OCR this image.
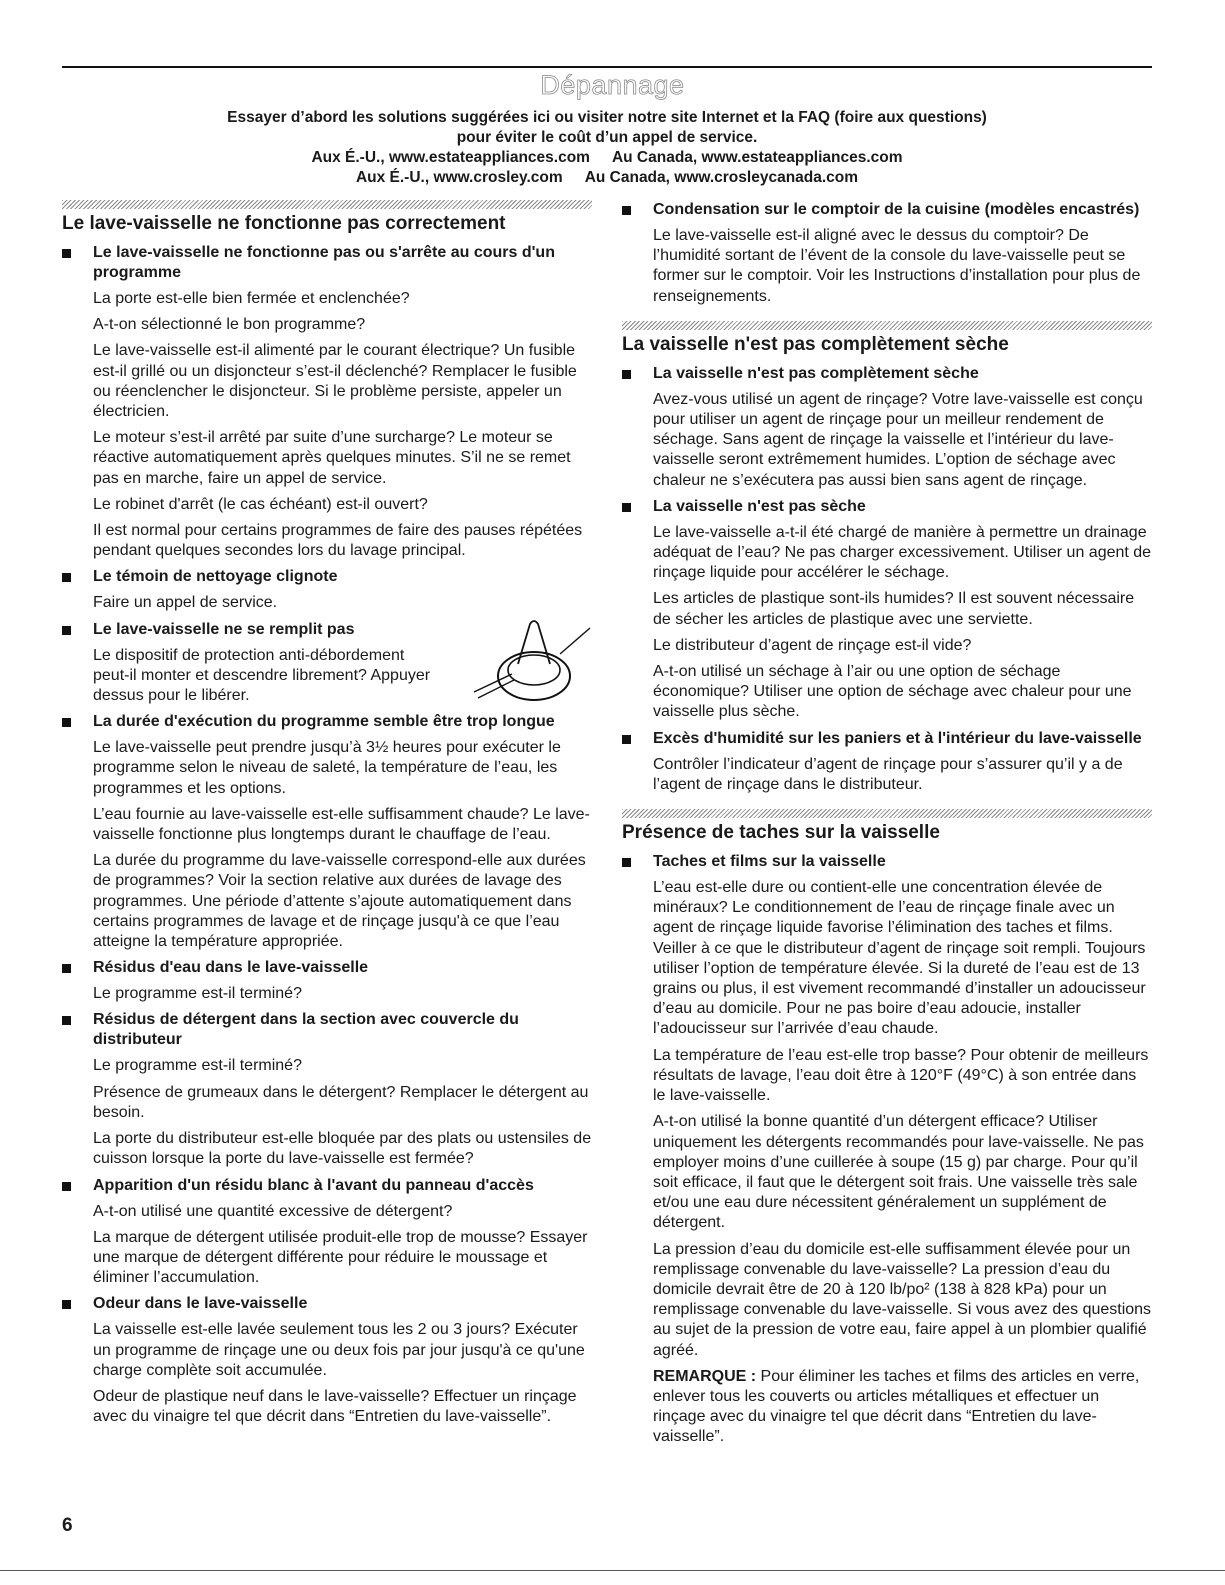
Dépannage
Essayer d’abord les solutions suggérées ici ou visiter notre site Internet et la FAQ (foire aux questions)
pour éviter le coût d’un appel de service.
Aux É.-U., www.estateappliances.com Au Canada, www.estateappliances.com
Aux É.-U., www.crosley.com Au Canada, www.crosleycanada.com
Le lave-vaisselle ne fonctionne pas correctement
Le lave-vaisselle ne fonctionne pas ou s'arrête au cours d'un programme

La porte est-elle bien fermée et enclenchée?

A-t-on sélectionné le bon programme?

Le lave-vaisselle est-il alimenté par le courant électrique? Un fusible est-il grillé ou un disjoncteur s’est-il déclenché? Remplacer le fusible ou réenclencher le disjoncteur. Si le problème persiste, appeler un électricien.

Le moteur s’est-il arrêté par suite d’une surcharge? Le moteur se réactive automatiquement après quelques minutes. S’il ne se remet pas en marche, faire un appel de service.

Le robinet d'arrêt (le cas échéant) est-il ouvert?

Il est normal pour certains programmes de faire des pauses répétées pendant quelques secondes lors du lavage principal.

Le témoin de nettoyage clignote

Faire un appel de service.

Le lave-vaisselle ne se remplit pas

Le dispositif de protection anti-débordement peut-il monter et descendre librement? Appuyer dessus pour le libérer.

La durée d'exécution du programme semble être trop longue

Le lave-vaisselle peut prendre jusqu’à 3½ heures pour exécuter le programme selon le niveau de saleté, la température de l’eau, les programmes et les options.

L’eau fournie au lave-vaisselle est-elle suffisamment chaude? Le lave-vaisselle fonctionne plus longtemps durant le chauffage de l’eau.

La durée du programme du lave-vaisselle correspond-elle aux durées de programmes? Voir la section relative aux durées de lavage des programmes. Une période d’attente s’ajoute automatiquement dans certains programmes de lavage et de rinçage jusqu'à ce que l’eau atteigne la température appropriée.

Résidus d'eau dans le lave-vaisselle

Le programme est-il terminé?

Résidus de détergent dans la section avec couvercle du distributeur

Le programme est-il terminé?

Présence de grumeaux dans le détergent? Remplacer le détergent au besoin.

La porte du distributeur est-elle bloquée par des plats ou ustensiles de cuisson lorsque la porte du lave-vaisselle est fermée?

Apparition d'un résidu blanc à l'avant du panneau d'accès

A-t-on utilisé une quantité excessive de détergent?

La marque de détergent utilisée produit-elle trop de mousse? Essayer une marque de détergent différente pour réduire le moussage et éliminer l’accumulation.

Odeur dans le lave-vaisselle

La vaisselle est-elle lavée seulement tous les 2 ou 3 jours? Exécuter un programme de rinçage une ou deux fois par jour jusqu'à ce qu'une charge complète soit accumulée.

Odeur de plastique neuf dans le lave-vaisselle? Effectuer un rinçage avec du vinaigre tel que décrit dans “Entretien du lave-vaisselle”.

Condensation sur le comptoir de la cuisine (modèles encastrés)

Le lave-vaisselle est-il aligné avec le dessus du comptoir? De l’humidité sortant de l’évent de la console du lave-vaisselle peut se former sur le comptoir. Voir les Instructions d’installation pour plus de renseignements.

La vaisselle n'est pas complètement sèche
La vaisselle n'est pas complètement sèche

Avez-vous utilisé un agent de rinçage? Votre lave-vaisselle est conçu pour utiliser un agent de rinçage pour un meilleur rendement de séchage. Sans agent de rinçage la vaisselle et l’intérieur du lave-vaisselle seront extrêmement humides. L’option de séchage avec chaleur ne s’exécutera pas aussi bien sans agent de rinçage.

La vaisselle n'est pas sèche

Le lave-vaisselle a-t-il été chargé de manière à permettre un drainage adéquat de l’eau? Ne pas charger excessivement. Utiliser un agent de rinçage liquide pour accélérer le séchage.

Les articles de plastique sont-ils humides? Il est souvent nécessaire de sécher les articles de plastique avec une serviette.

Le distributeur d’agent de rinçage est-il vide?

A-t-on utilisé un séchage à l’air ou une option de séchage économique? Utiliser une option de séchage avec chaleur pour une vaisselle plus sèche.

Excès d'humidité sur les paniers et à l'intérieur du lave-vaisselle

Contrôler l’indicateur d’agent de rinçage pour s’assurer qu’il y a de l’agent de rinçage dans le distributeur.

Présence de taches sur la vaisselle
Taches et films sur la vaisselle

L’eau est-elle dure ou contient-elle une concentration élevée de minéraux? Le conditionnement de l’eau de rinçage finale avec un agent de rinçage liquide favorise l’élimination des taches et films. Veiller à ce que le distributeur d’agent de rinçage soit rempli. Toujours utiliser l’option de température élevée. Si la dureté de l’eau est de 13 grains ou plus, il est vivement recommandé d’installer un adoucisseur d’eau au domicile. Pour ne pas boire d’eau adoucie, installer l’adoucisseur sur l’arrivée d’eau chaude.

La température de l’eau est-elle trop basse? Pour obtenir de meilleurs résultats de lavage, l’eau doit être à 120°F (49°C) à son entrée dans le lave-vaisselle.

A-t-on utilisé la bonne quantité d’un détergent efficace? Utiliser uniquement les détergents recommandés pour lave-vaisselle. Ne pas employer moins d’une cuillerée à soupe (15 g) par charge. Pour qu’il soit efficace, il faut que le détergent soit frais. Une vaisselle très sale et/ou une eau dure nécessitent généralement un supplément de détergent.

La pression d’eau du domicile est-elle suffisamment élevée pour un remplissage convenable du lave-vaisselle? La pression d’eau du domicile devrait être de 20 à 120 lb/po² (138 à 828 kPa) pour un remplissage convenable du lave-vaisselle. Si vous avez des questions au sujet de la pression de votre eau, faire appel à un plombier qualifié agréé.

REMARQUE : Pour éliminer les taches et films des articles en verre, enlever tous les couverts ou articles métalliques et effectuer un rinçage avec du vinaigre tel que décrit dans “Entretien du lave-vaisselle”.

6
